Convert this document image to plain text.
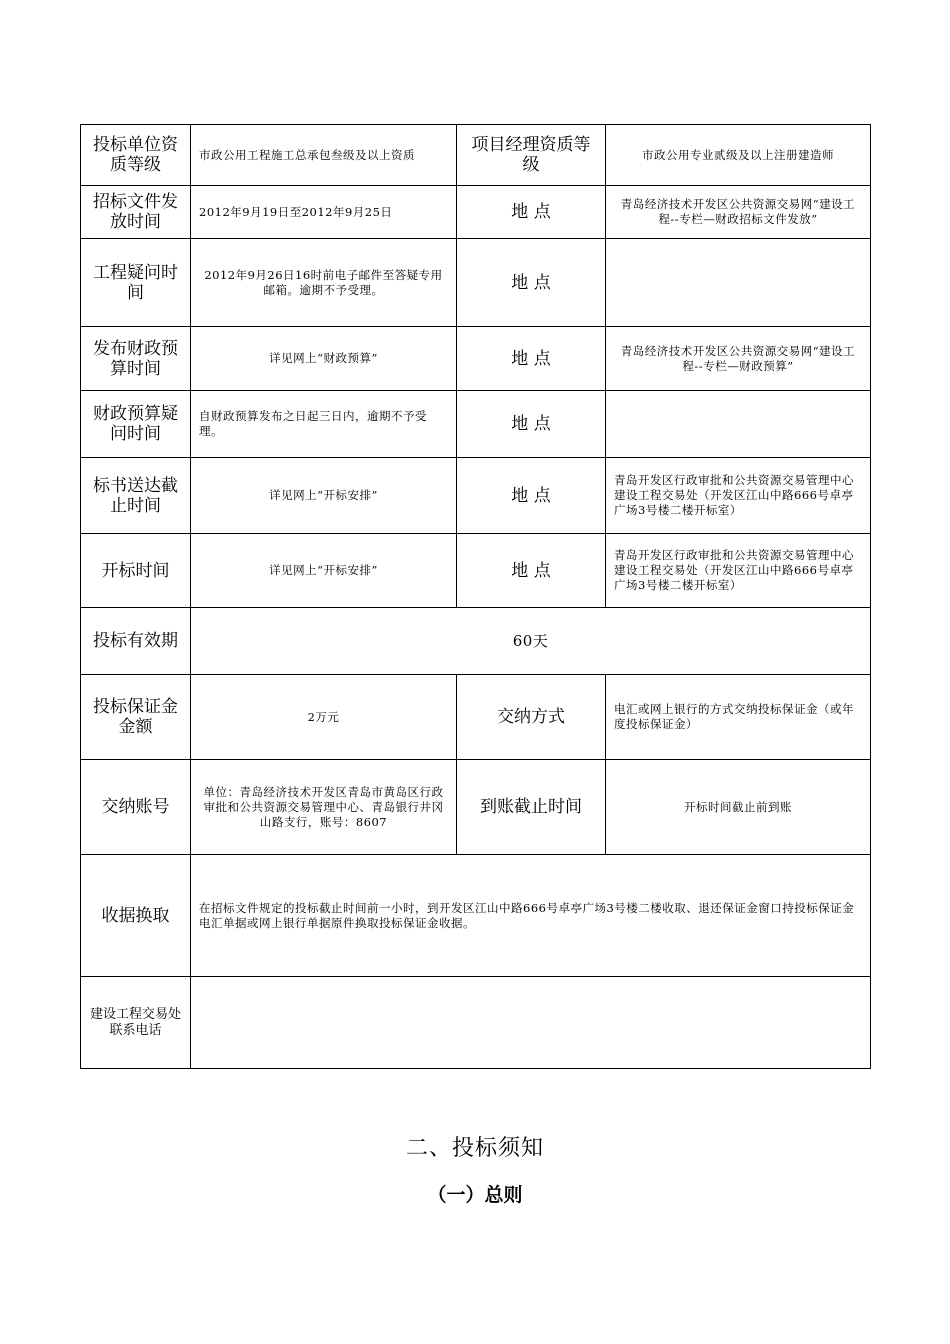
投标单位资质等级	市政公用工程施工总承包叁级及以上资质	项目经理资质等级	市政公用专业贰级及以上注册建造师
招标文件发放时间	2012年9月19日至2012年9月25日	地 点	青岛经济技术开发区公共资源交易网“建设工程--专栏—财政招标文件发放”
工程疑问时间	2012年9月26日16时前电子邮件至答疑专用邮箱。逾期不予受理。	地 点	
发布财政预算时间	详见网上“财政预算”	地 点	青岛经济技术开发区公共资源交易网“建设工程--专栏—财政预算”
财政预算疑问时间	自财政预算发布之日起三日内，逾期不予受理。	地 点	
标书送达截止时间	详见网上“开标安排”	地 点	青岛开发区行政审批和公共资源交易管理中心建设工程交易处（开发区江山中路666号卓亭广场3号楼二楼开标室）
开标时间	详见网上“开标安排”	地 点	青岛开发区行政审批和公共资源交易管理中心建设工程交易处（开发区江山中路666号卓亭广场3号楼二楼开标室）
投标有效期	60天		
投标保证金金额	2万元	交纳方式	电汇或网上银行的方式交纳投标保证金（或年度投标保证金）
交纳账号	单位：青岛经济技术开发区青岛市黄岛区行政审批和公共资源交易管理中心、青岛银行井冈山路支行，账号：8607	到账截止时间	开标时间截止前到账
收据换取	在招标文件规定的投标截止时间前一小时，到开发区江山中路666号卓亭广场3号楼二楼收取、退还保证金窗口持投标保证金电汇单据或网上银行单据原件换取投标保证金收据。		
建设工程交易处联系电话			
二、投标须知
（一）总则
